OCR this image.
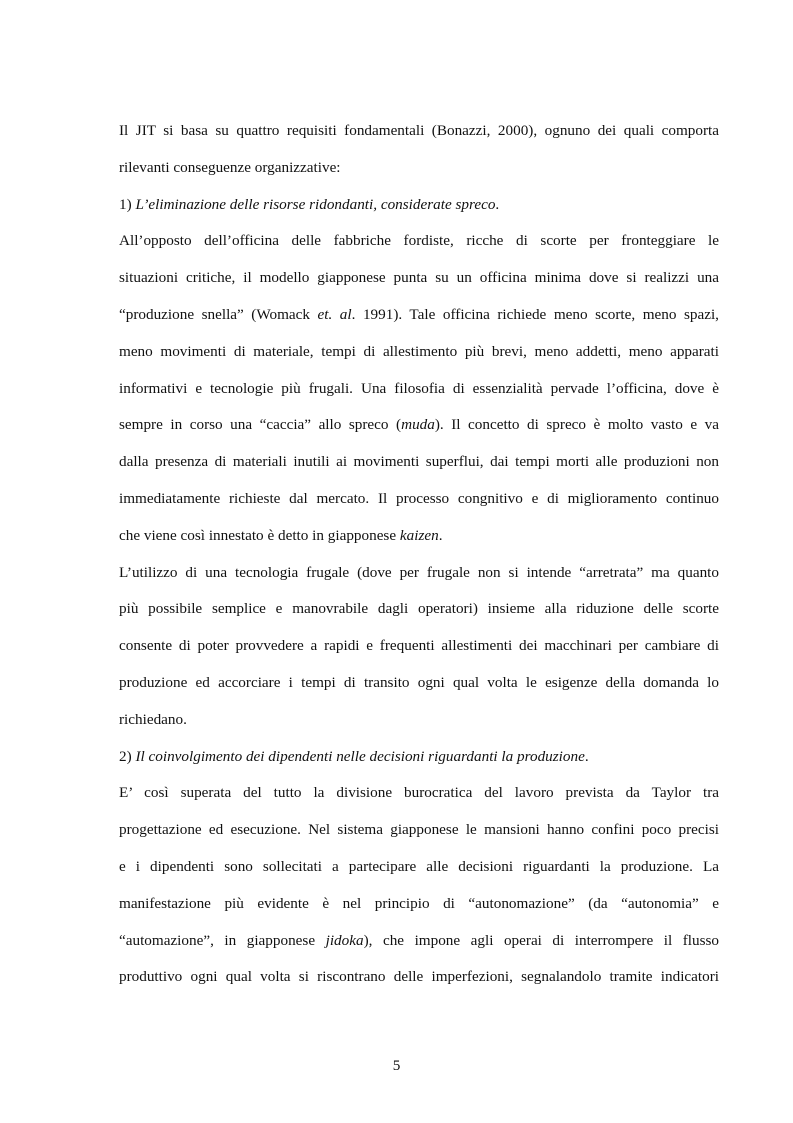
Il JIT si basa su quattro requisiti fondamentali (Bonazzi, 2000), ognuno dei quali comporta
rilevanti conseguenze organizzative:
1) L’eliminazione delle risorse ridondanti, considerate spreco.
All’opposto dell’officina delle fabbriche fordiste, ricche di scorte per fronteggiare le
situazioni critiche, il modello giapponese punta su un officina minima dove si realizzi una
“produzione snella” (Womack et. al. 1991). Tale officina richiede meno scorte, meno spazi,
meno movimenti di materiale, tempi di allestimento più brevi, meno addetti, meno apparati
informativi e tecnologie più frugali. Una filosofia di essenzialità pervade l’officina, dove è
sempre in corso una “caccia” allo spreco (muda). Il concetto di spreco è molto vasto e va
dalla presenza di materiali inutili ai movimenti superflui, dai tempi morti alle produzioni non
immediatamente richieste dal mercato. Il processo congnitivo e di miglioramento continuo
che viene così innestato è detto in giapponese kaizen.
L’utilizzo di una tecnologia frugale (dove per frugale non si intende “arretrata” ma quanto
più possibile semplice e manovrabile dagli operatori) insieme alla riduzione delle scorte
consente di poter provvedere a rapidi e frequenti allestimenti dei macchinari per cambiare di
produzione ed accorciare i tempi di transito ogni qual volta le esigenze della domanda lo
richiedano.
2) Il coinvolgimento dei dipendenti nelle decisioni riguardanti la produzione.
E’ così superata del tutto la divisione burocratica del lavoro prevista da Taylor tra
progettazione ed esecuzione. Nel sistema giapponese le mansioni hanno confini poco precisi
e i dipendenti sono sollecitati a partecipare alle decisioni riguardanti la produzione. La
manifestazione più evidente è nel principio di “autonomazione” (da “autonomia” e
“automazione”, in giapponese jidoka), che impone agli operai di interrompere il flusso
produttivo ogni qual volta si riscontrano delle imperfezioni, segnalandolo tramite indicatori
5
